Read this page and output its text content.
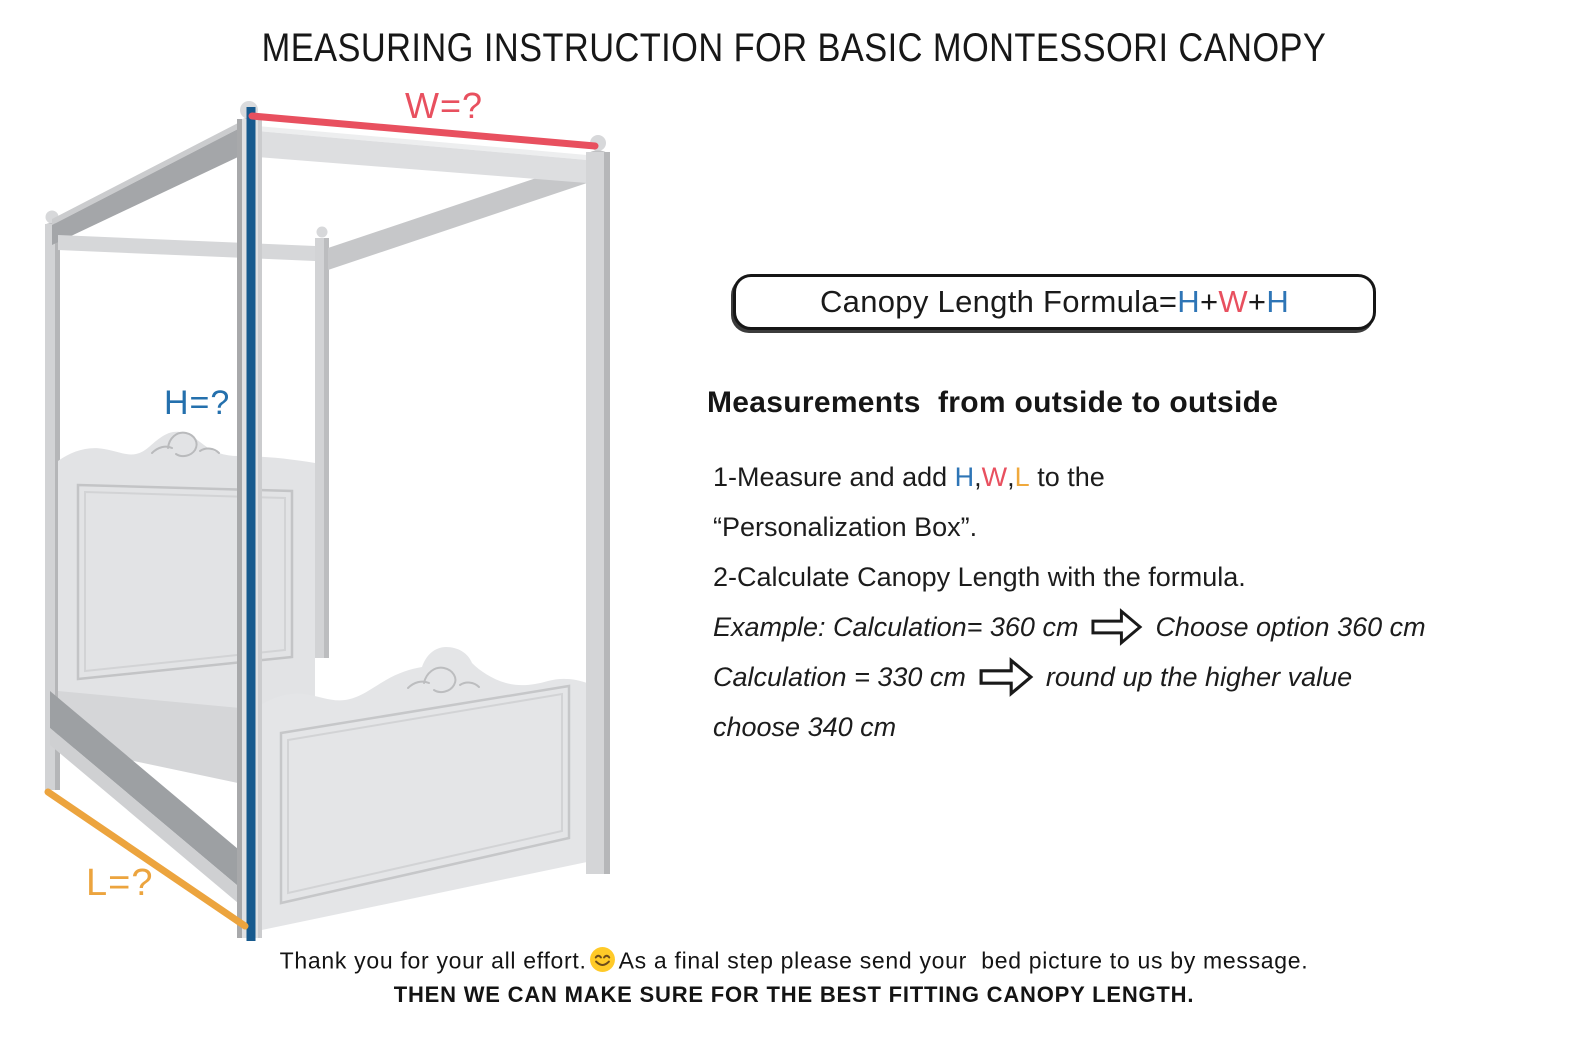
MEASURING INSTRUCTION FOR BASIC MONTESSORI CANOPY
W=?
H=?
L=?
Canopy Length Formula=H+W+H
Measurements  from outside to outside
1-Measure and add H , W , L to the
“Personalization Box”.
2-Calculate Canopy Length with the formula.
Example: Calculation= 360 cm	Choose option 360 cm
Calculation = 330 cm	round up the higher value
choose 340 cm
Thank you for your all effort. As a final step please send your  bed picture to us by message.
THEN WE CAN MAKE SURE FOR THE BEST FITTING CANOPY LENGTH.
